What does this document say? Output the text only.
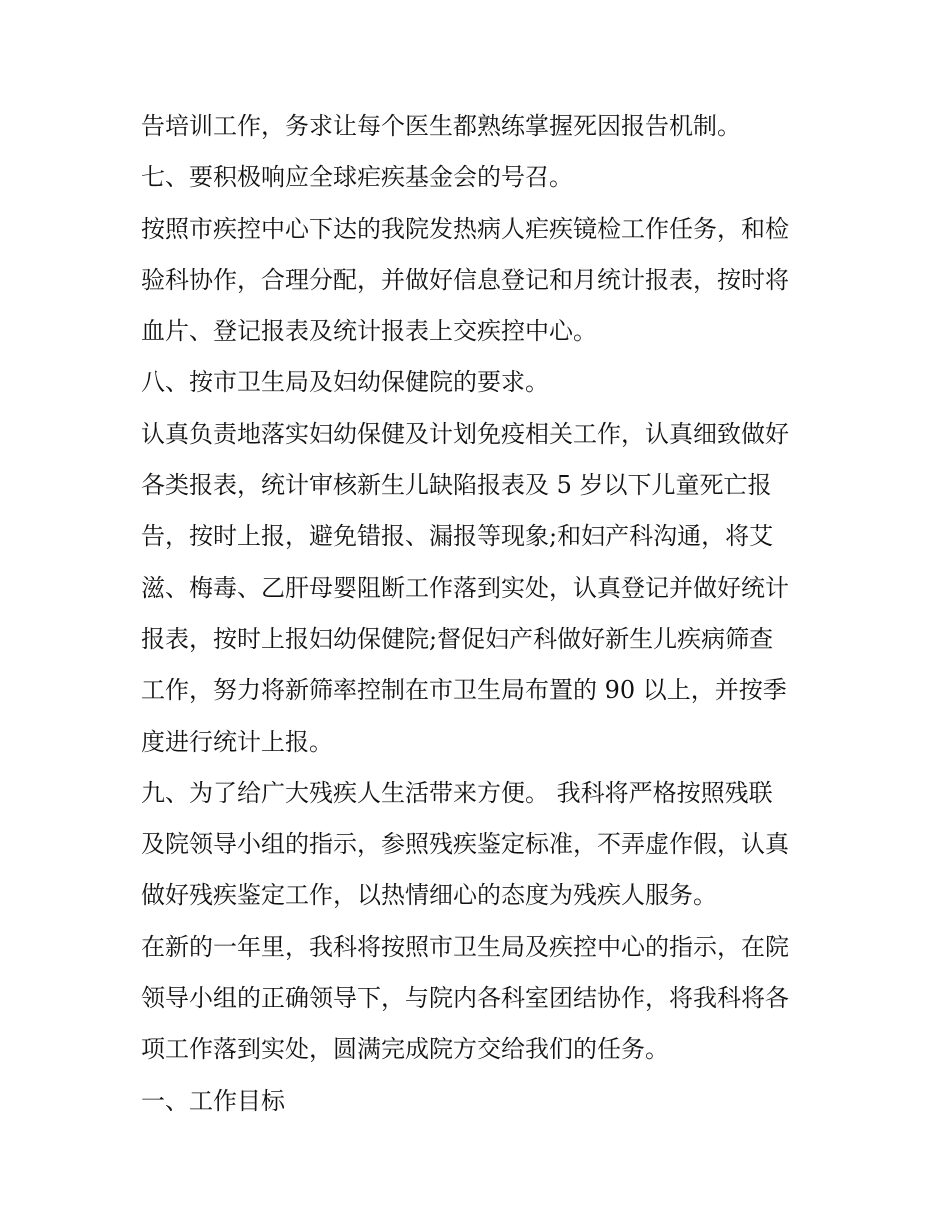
告培训工作，务求让每个医生都熟练掌握死因报告机制。

七、要积极响应全球疟疾基金会的号召。

按照市疾控中心下达的我院发热病人疟疾镜检工作任务，和检

验科协作，合理分配，并做好信息登记和月统计报表，按时将

血片、登记报表及统计报表上交疾控中心。

八、按市卫生局及妇幼保健院的要求。

认真负责地落实妇幼保健及计划免疫相关工作，认真细致做好

各类报表，统计审核新生儿缺陷报表及 5 岁以下儿童死亡报

告，按时上报，避免错报、漏报等现象;和妇产科沟通，将艾

滋、梅毒、乙肝母婴阻断工作落到实处，认真登记并做好统计

报表，按时上报妇幼保健院;督促妇产科做好新生儿疾病筛查

工作，努力将新筛率控制在市卫生局布置的 90 以上，并按季

度进行统计上报。

九、为了给广大残疾人生活带来方便。 我科将严格按照残联

及院领导小组的指示，参照残疾鉴定标准，不弄虚作假，认真

做好残疾鉴定工作，以热情细心的态度为残疾人服务。

在新的一年里，我科将按照市卫生局及疾控中心的指示，在院

领导小组的正确领导下，与院内各科室团结协作，将我科将各

项工作落到实处，圆满完成院方交给我们的任务。

一、工作目标
